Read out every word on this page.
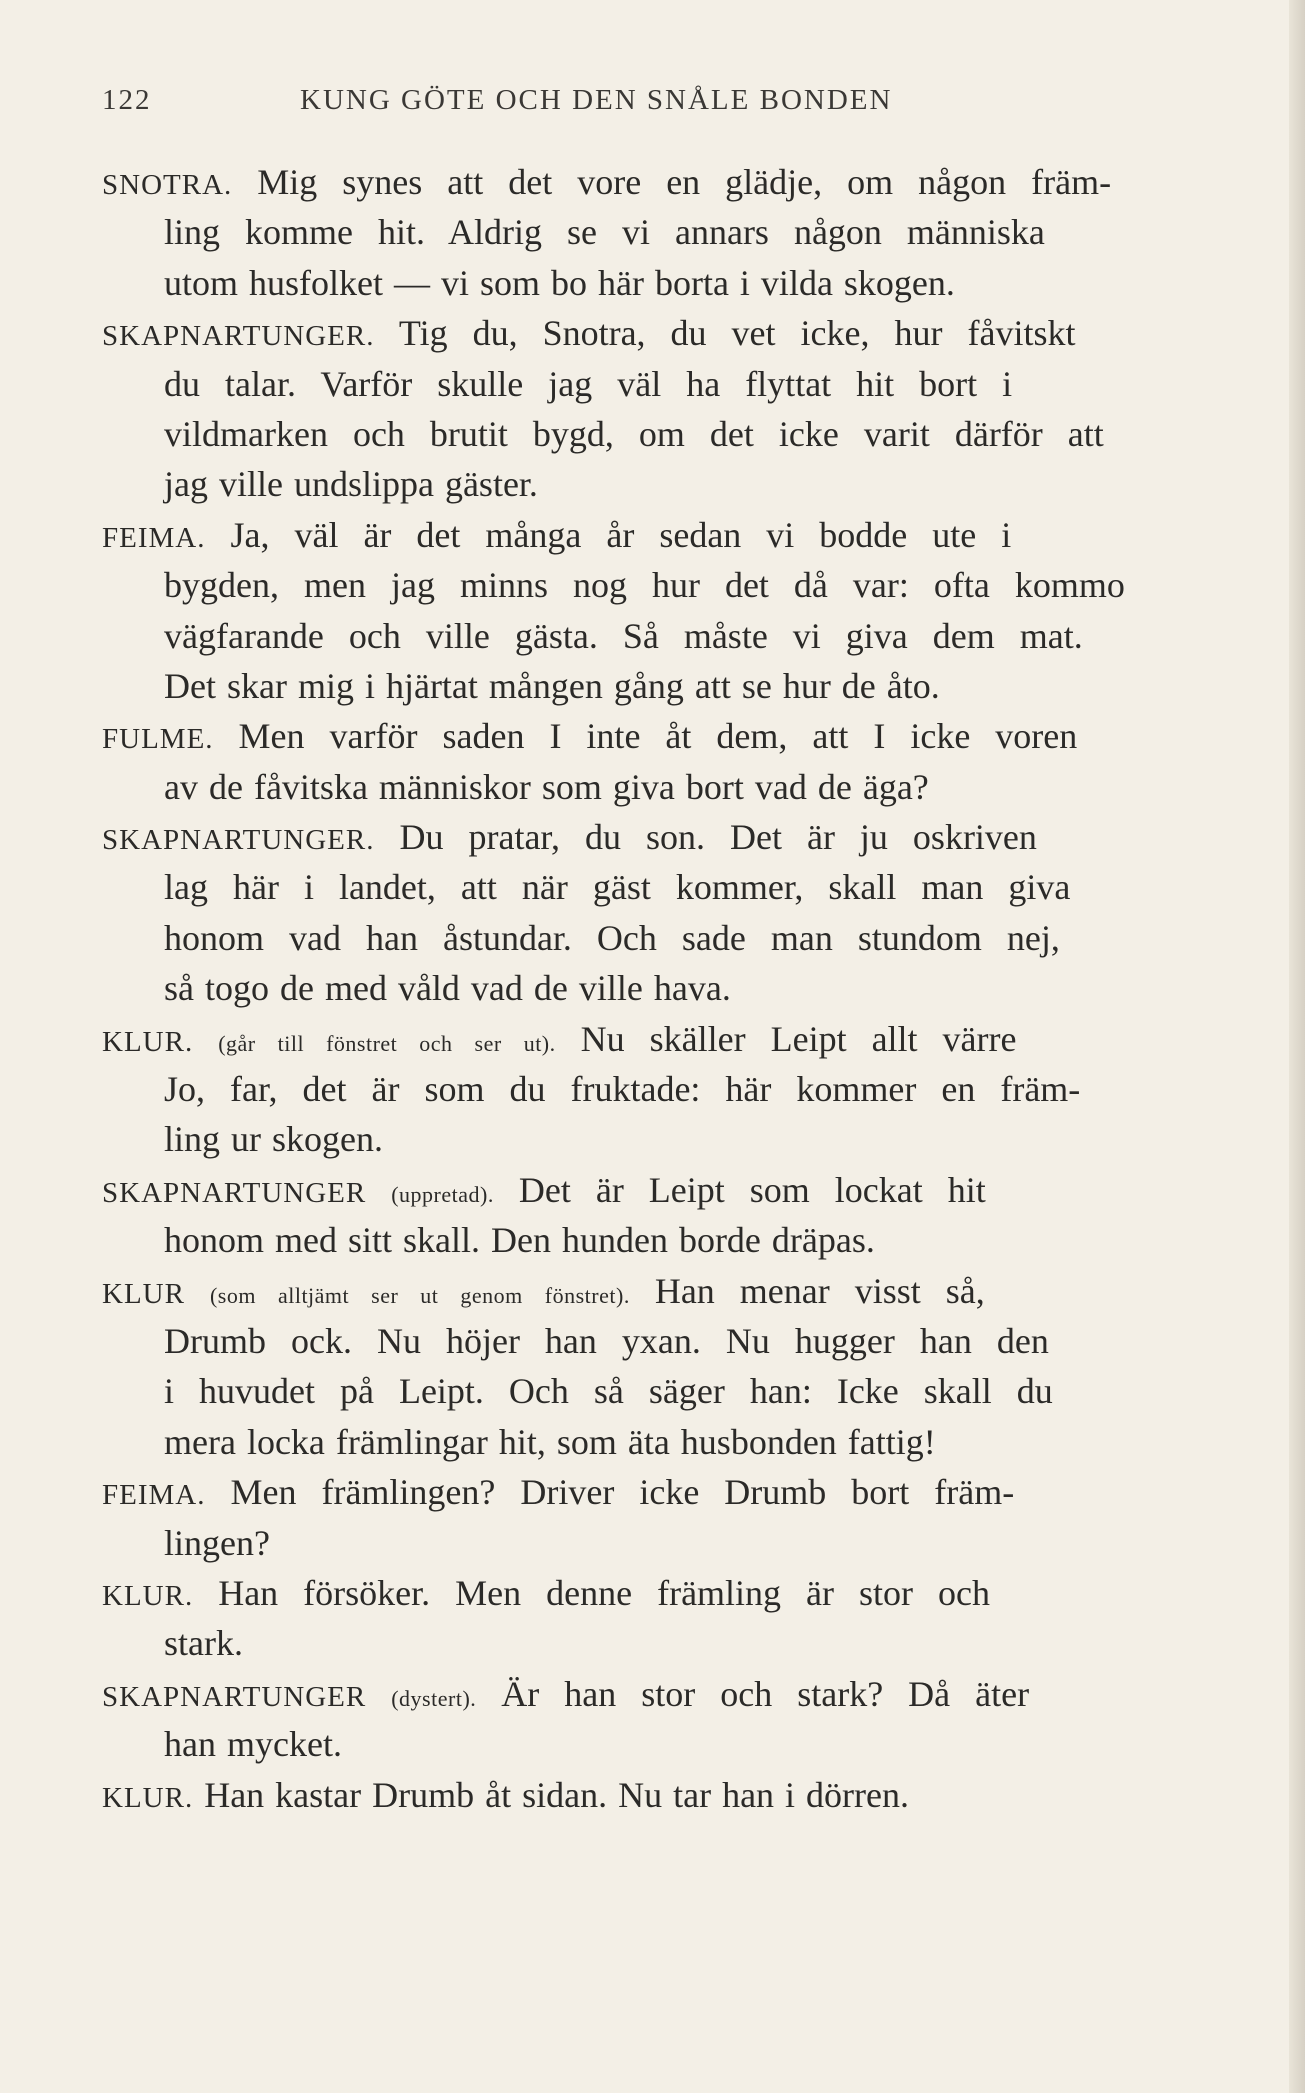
122	KUNG GÖTE OCH DEN SNÅLE BONDEN
SNOTRA. Mig synes att det vore en glädje, om någon främ-
ling komme hit. Aldrig se vi annars någon människa
utom husfolket — vi som bo här borta i vilda skogen.
SKAPNARTUNGER. Tig du, Snotra, du vet icke, hur fåvitskt
du talar. Varför skulle jag väl ha flyttat hit bort i
vildmarken och brutit bygd, om det icke varit därför att
jag ville undslippa gäster.
FEIMA. Ja, väl är det många år sedan vi bodde ute i
bygden, men jag minns nog hur det då var: ofta kommo
vägfarande och ville gästa. Så måste vi giva dem mat.
Det skar mig i hjärtat mången gång att se hur de åto.
FULME. Men varför saden I inte åt dem, att I icke voren
av de fåvitska människor som giva bort vad de äga?
SKAPNARTUNGER. Du pratar, du son. Det är ju oskriven
lag här i landet, att när gäst kommer, skall man giva
honom vad han åstundar. Och sade man stundom nej,
så togo de med våld vad de ville hava.
KLUR. (går till fönstret och ser ut). Nu skäller Leipt allt värre
Jo, far, det är som du fruktade: här kommer en främ-
ling ur skogen.
SKAPNARTUNGER (uppretad). Det är Leipt som lockat hit
honom med sitt skall. Den hunden borde dräpas.
KLUR (som alltjämt ser ut genom fönstret). Han menar visst så,
Drumb ock. Nu höjer han yxan. Nu hugger han den
i huvudet på Leipt. Och så säger han: Icke skall du
mera locka främlingar hit, som äta husbonden fattig!
FEIMA. Men främlingen? Driver icke Drumb bort främ-
lingen?
KLUR. Han försöker. Men denne främling är stor och
stark.
SKAPNARTUNGER (dystert). Är han stor och stark? Då äter
han mycket.
KLUR. Han kastar Drumb åt sidan. Nu tar han i dörren.
